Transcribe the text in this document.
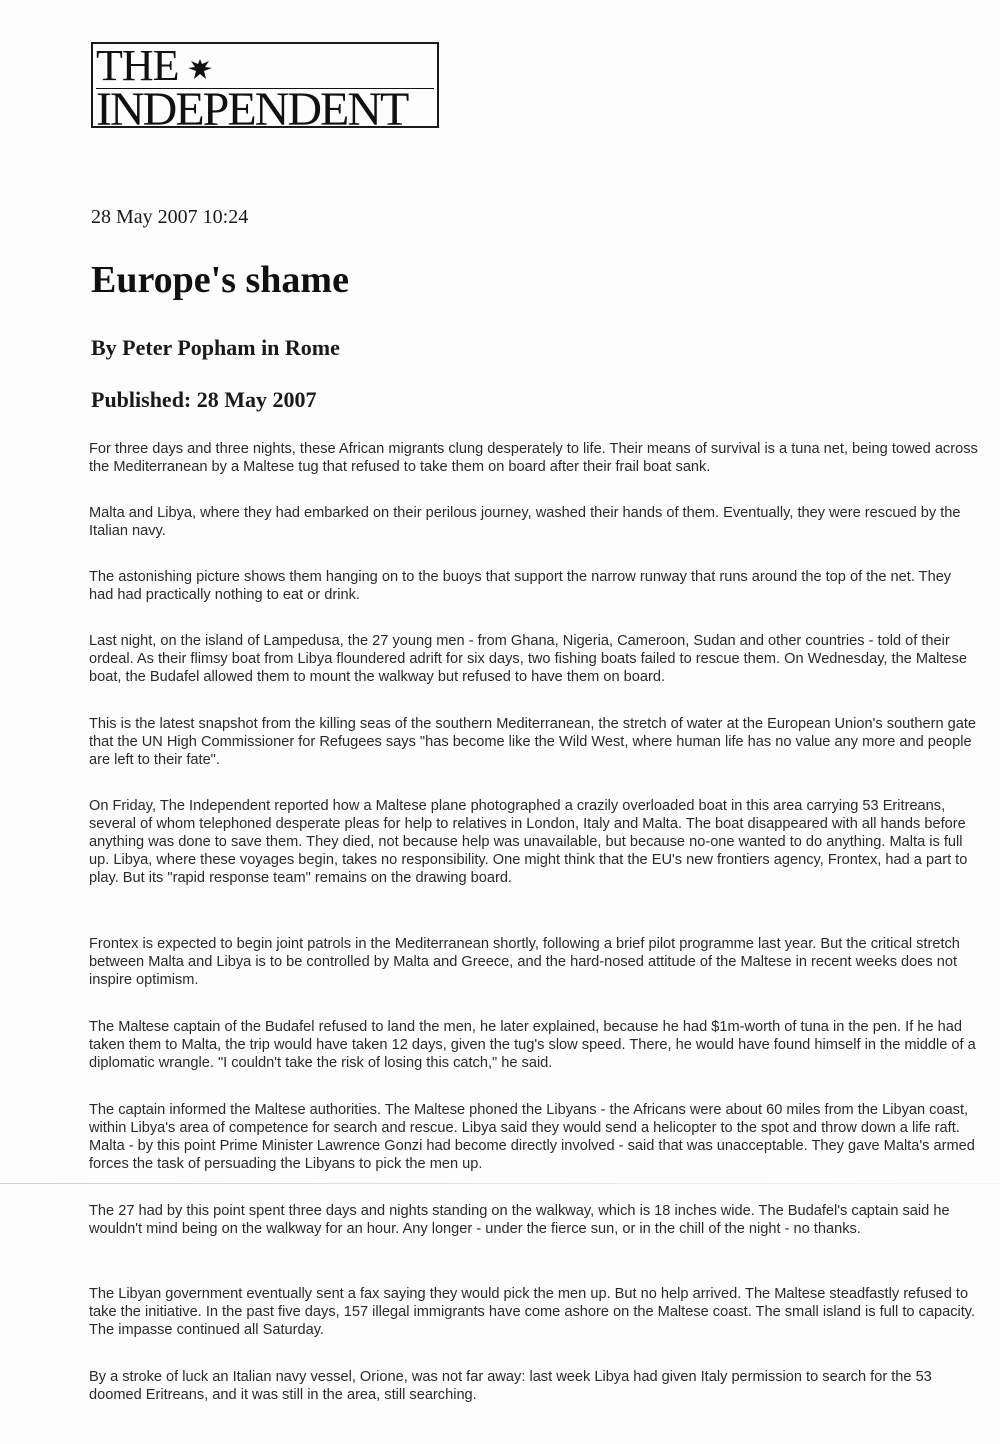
THE
INDEPENDENT
28 May 2007 10:24
Europe's shame
By Peter Popham in Rome
Published: 28 May 2007

For three days and three nights, these African migrants clung desperately to life. Their means of survival is a tuna net, being towed across the Mediterranean by a Maltese tug that refused to take them on board after their frail boat sank.

Malta and Libya, where they had embarked on their perilous journey, washed their hands of them. Eventually, they were rescued by the Italian navy.

The astonishing picture shows them hanging on to the buoys that support the narrow runway that runs around the top of the net. They had had practically nothing to eat or drink.

Last night, on the island of Lampedusa, the 27 young men - from Ghana, Nigeria, Cameroon, Sudan and other countries - told of their ordeal. As their flimsy boat from Libya floundered adrift for six days, two fishing boats failed to rescue them. On Wednesday, the Maltese boat, the Budafel allowed them to mount the walkway but refused to have them on board.

This is the latest snapshot from the killing seas of the southern Mediterranean, the stretch of water at the European Union's southern gate that the UN High Commissioner for Refugees says "has become like the Wild West, where human life has no value any more and people are left to their fate".

On Friday, The Independent reported how a Maltese plane photographed a crazily overloaded boat in this area carrying 53 Eritreans, several of whom telephoned desperate pleas for help to relatives in London, Italy and Malta. The boat disappeared with all hands before anything was done to save them. They died, not because help was unavailable, but because no-one wanted to do anything. Malta is full up. Libya, where these voyages begin, takes no responsibility. One might think that the EU's new frontiers agency, Frontex, had a part to play. But its "rapid response team" remains on the drawing board.

Frontex is expected to begin joint patrols in the Mediterranean shortly, following a brief pilot programme last year. But the critical stretch between Malta and Libya is to be controlled by Malta and Greece, and the hard-nosed attitude of the Maltese in recent weeks does not inspire optimism.

The Maltese captain of the Budafel refused to land the men, he later explained, because he had $1m-worth of tuna in the pen. If he had taken them to Malta, the trip would have taken 12 days, given the tug's slow speed. There, he would have found himself in the middle of a diplomatic wrangle. "I couldn't take the risk of losing this catch," he said.

The captain informed the Maltese authorities. The Maltese phoned the Libyans - the Africans were about 60 miles from the Libyan coast, within Libya's area of competence for search and rescue. Libya said they would send a helicopter to the spot and throw down a life raft. Malta - by this point Prime Minister Lawrence Gonzi had become directly involved - said that was unacceptable. They gave Malta's armed forces the task of persuading the Libyans to pick the men up.

The 27 had by this point spent three days and nights standing on the walkway, which is 18 inches wide. The Budafel's captain said he wouldn't mind being on the walkway for an hour. Any longer - under the fierce sun, or in the chill of the night - no thanks.

The Libyan government eventually sent a fax saying they would pick the men up. But no help arrived. The Maltese steadfastly refused to take the initiative. In the past five days, 157 illegal immigrants have come ashore on the Maltese coast. The small island is full to capacity. The impasse continued all Saturday.

By a stroke of luck an Italian navy vessel, Orione, was not far away: last week Libya had given Italy permission to search for the 53 doomed Eritreans, and it was still in the area, still searching.
